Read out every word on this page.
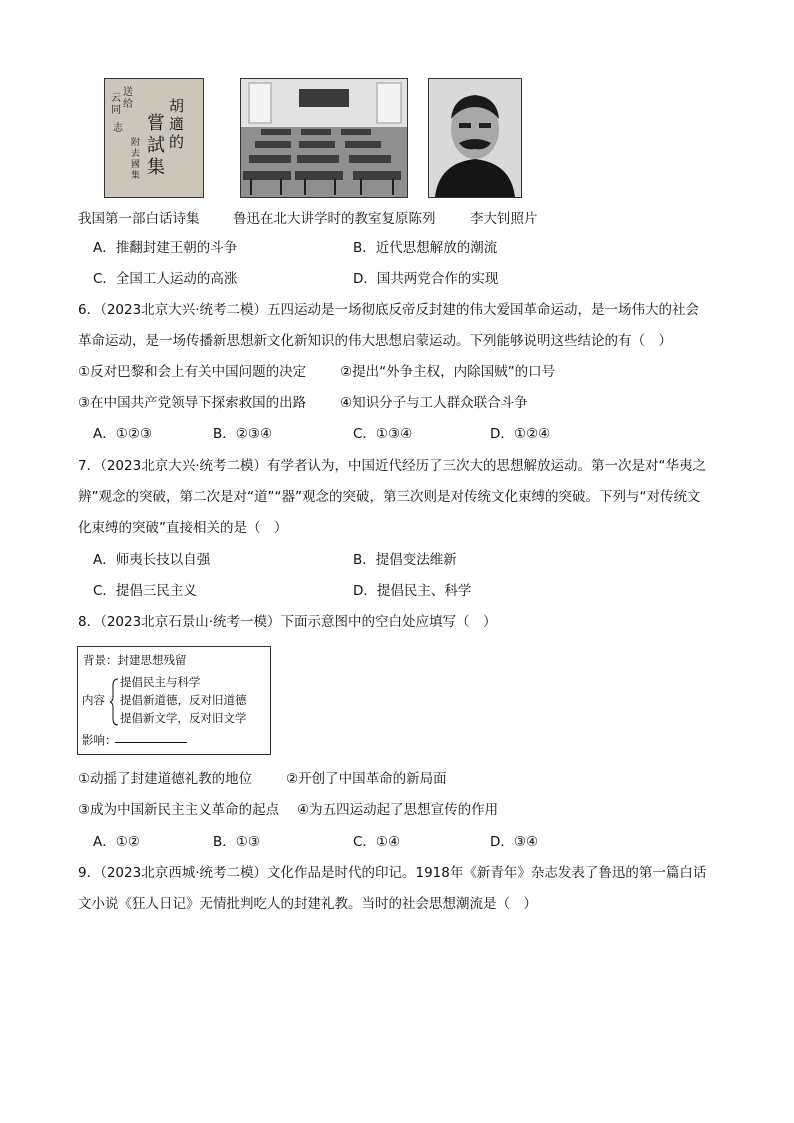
送
给
云
同
志
胡
適
的
嘗
試
集
附
去
國
集
我国第一部白话诗集 鲁迅在北大讲学时的教室复原陈列	李大钊照片
A．推翻封建王朝的斗争	B．近代思想解放的潮流
C．全国工人运动的高涨	D．国共两党合作的实现
6．（2023北京大兴·统考二模）五四运动是一场彻底反帝反封建的伟大爱国革命运动，是一场伟大的社会
革命运动，是一场传播新思想新文化新知识的伟大思想启蒙运动。下列能够说明这些结论的有（　）
①反对巴黎和会上有关中国问题的决定	②提出“外争主权，内除国贼”的口号
③在中国共产党领导下探索救国的出路	④知识分子与工人群众联合斗争
A．①②③	B．②③④	C．①③④	D．①②④
7．（2023北京大兴·统考二模）有学者认为，中国近代经历了三次大的思想解放运动。第一次是对“华夷之
辨”观念的突破，第二次是对“道”“器”观念的突破，第三次则是对传统文化束缚的突破。下列与“对传统文
化束缚的突破”直接相关的是（　）
A．师夷长技以自强	B．提倡变法维新
C．提倡三民主义	D．提倡民主、科学
8．（2023北京石景山·统考一模）下面示意图中的空白处应填写（　）
背景：封建思想残留
内容
提倡民主与科学
提倡新道德，反对旧道德
提倡新文学，反对旧文学
影响：
①动摇了封建道德礼教的地位	②开创了中国革命的新局面
③成为中国新民主主义革命的起点 ④为五四运动起了思想宣传的作用
A．①②	B．①③	C．①④	D．③④
9．（2023北京西城·统考二模）文化作品是时代的印记。1918年《新青年》杂志发表了鲁迅的第一篇白话
文小说《狂人日记》无情批判吃人的封建礼教。当时的社会思想潮流是（　）
